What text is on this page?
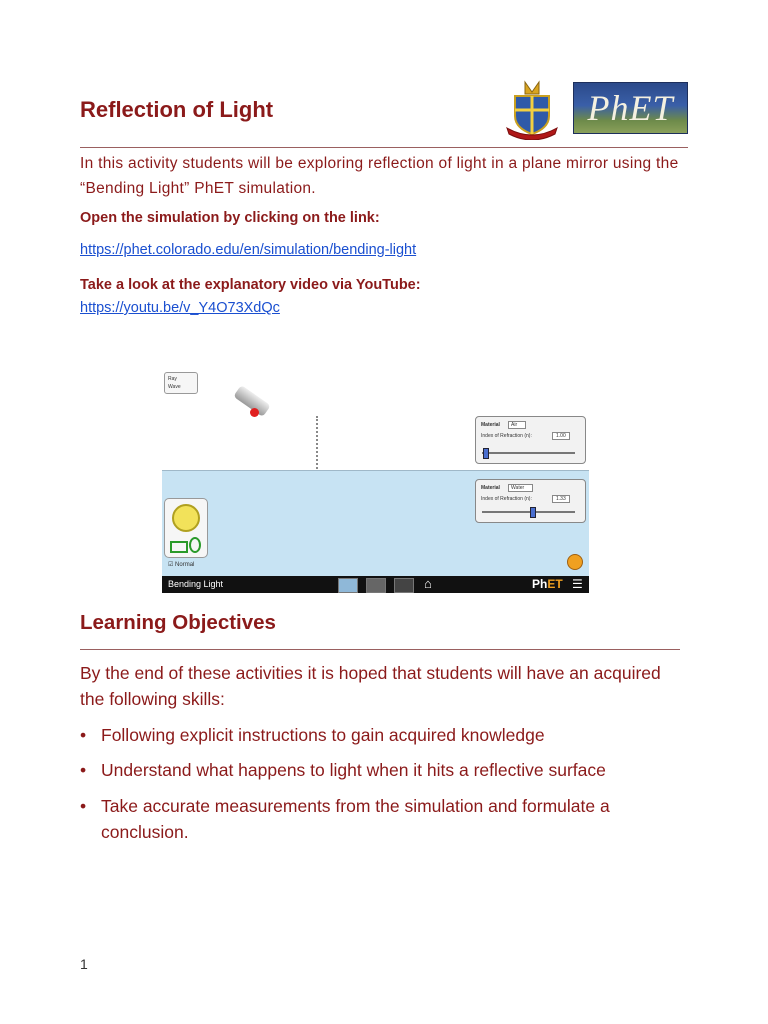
Reflection of Light	PhET
In this activity students will be exploring reflection of light in a plane mirror using the “Bending Light” PhET simulation.
Open the simulation by clicking on the link:
https://phet.colorado.edu/en/simulation/bending-light
Take a look at the explanatory video via YouTube:
https://youtu.be/v_Y4O73XdQc
Ray
Wave
Material	Air
Index of Refraction (n):	1.00
Material	Water
Index of Refraction (n):	1.33
☑ Normal
Bending Light	⌂	PhET ☰
Learning Objectives
By the end of these activities it is hoped that students will have an acquired the following skills:
• Following explicit instructions to gain acquired knowledge
• Understand what happens to light when it hits a reflective surface
• Take accurate measurements from the simulation and formulate a conclusion.
1
